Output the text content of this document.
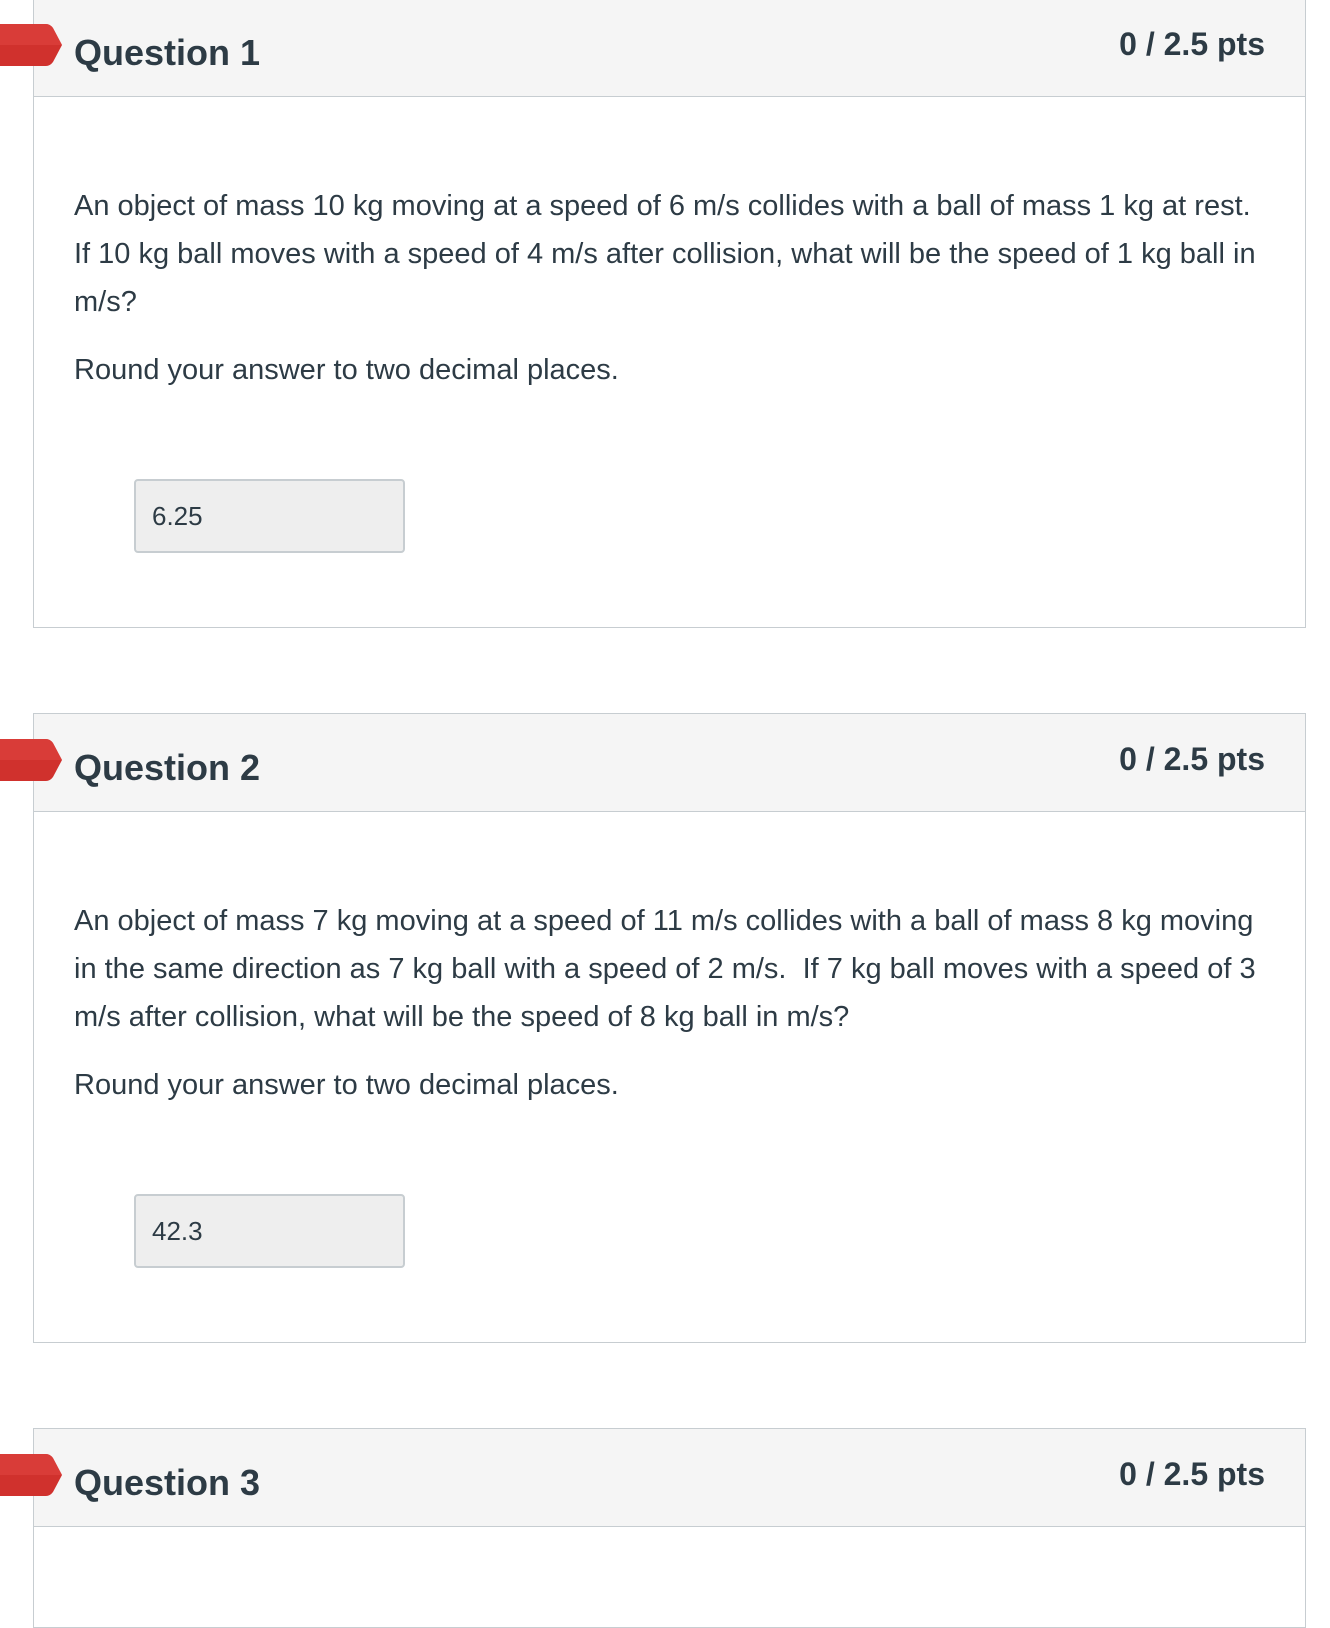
Question 1	0 / 2.5 pts

An object of mass 10 kg moving at a speed of 6 m/s collides with a ball of mass 1 kg at rest.  If 10 kg ball moves with a speed of 4 m/s after collision, what will be the speed of 1 kg ball in m/s?

Round your answer to two decimal places.

6.25
Question 2	0 / 2.5 pts

An object of mass 7 kg moving at a speed of 11 m/s collides with a ball of mass 8 kg moving in the same direction as 7 kg ball with a speed of 2 m/s.  If 7 kg ball moves with a speed of 3 m/s after collision, what will be the speed of 8 kg ball in m/s?

Round your answer to two decimal places.

42.3
Question 3	0 / 2.5 pts
